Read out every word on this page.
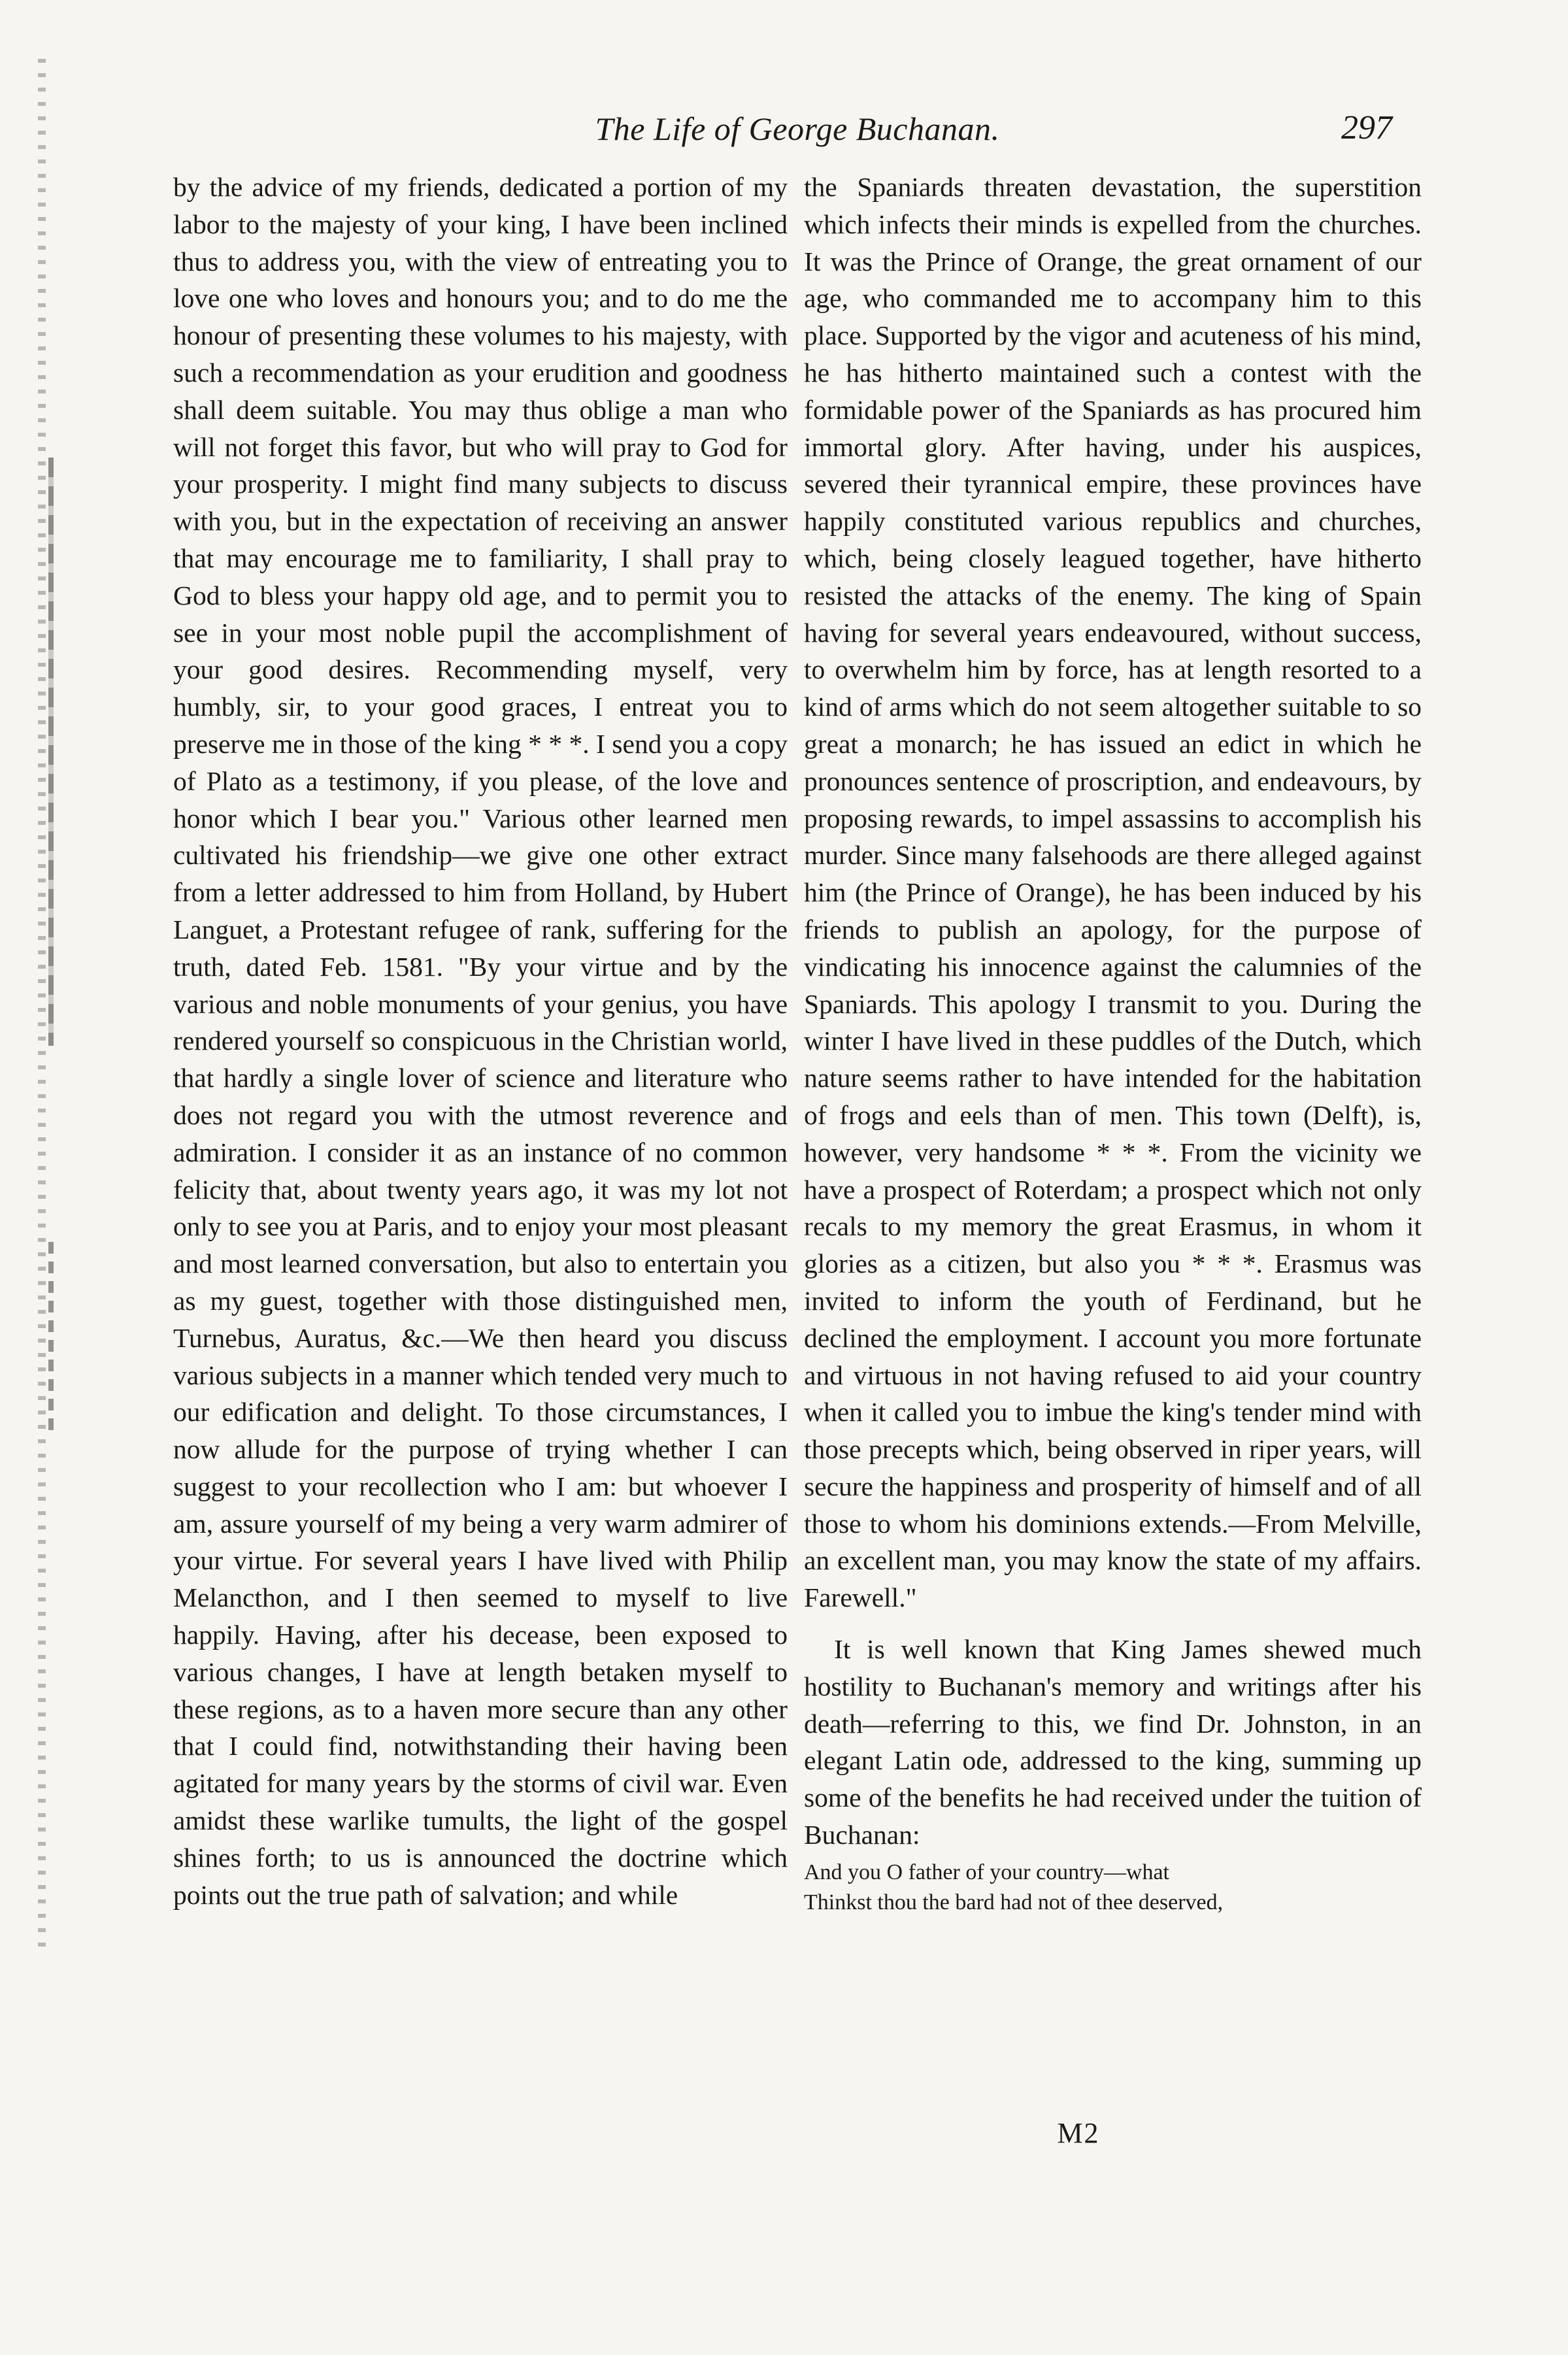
The Life of George Buchanan.	297

by the advice of my friends, dedicated a portion of my labor to the majesty of your king, I have been inclined thus to address you, with the view of entreating you to love one who loves and honours you; and to do me the honour of presenting these volumes to his majesty, with such a recommendation as your erudition and goodness shall deem suitable. You may thus oblige a man who will not forget this favor, but who will pray to God for your prosperity. I might find many subjects to discuss with you, but in the expectation of receiving an answer that may encourage me to familiarity, I shall pray to God to bless your happy old age, and to permit you to see in your most noble pupil the accomplishment of your good desires. Recommending myself, very humbly, sir, to your good graces, I entreat you to preserve me in those of the king * * *. I send you a copy of Plato as a testimony, if you please, of the love and honor which I bear you." Various other learned men cultivated his friendship—we give one other extract from a letter addressed to him from Holland, by Hubert Languet, a Protestant refugee of rank, suffering for the truth, dated Feb. 1581. "By your virtue and by the various and noble monuments of your genius, you have rendered yourself so conspicuous in the Christian world, that hardly a single lover of science and literature who does not regard you with the utmost reverence and admiration. I consider it as an instance of no common felicity that, about twenty years ago, it was my lot not only to see you at Paris, and to enjoy your most pleasant and most learned conversation, but also to entertain you as my guest, together with those distinguished men, Turnebus, Auratus, &c.—We then heard you discuss various subjects in a manner which tended very much to our edification and delight. To those circumstances, I now allude for the purpose of trying whether I can suggest to your recollection who I am: but whoever I am, assure yourself of my being a very warm admirer of your virtue. For several years I have lived with Philip Melancthon, and I then seemed to myself to live happily. Having, after his decease, been exposed to various changes, I have at length betaken myself to these regions, as to a haven more secure than any other that I could find, notwithstanding their having been agitated for many years by the storms of civil war. Even amidst these warlike tumults, the light of the gospel shines forth; to us is announced the doctrine which points out the true path of salvation; and while

the Spaniards threaten devastation, the superstition which infects their minds is expelled from the churches. It was the Prince of Orange, the great ornament of our age, who commanded me to accompany him to this place. Supported by the vigor and acuteness of his mind, he has hitherto maintained such a contest with the formidable power of the Spaniards as has procured him immortal glory. After having, under his auspices, severed their tyrannical empire, these provinces have happily constituted various republics and churches, which, being closely leagued together, have hitherto resisted the attacks of the enemy. The king of Spain having for several years endeavoured, without success, to overwhelm him by force, has at length resorted to a kind of arms which do not seem altogether suitable to so great a monarch; he has issued an edict in which he pronounces sentence of proscription, and endeavours, by proposing rewards, to impel assassins to accomplish his murder. Since many falsehoods are there alleged against him (the Prince of Orange), he has been induced by his friends to publish an apology, for the purpose of vindicating his innocence against the calumnies of the Spaniards. This apology I transmit to you. During the winter I have lived in these puddles of the Dutch, which nature seems rather to have intended for the habitation of frogs and eels than of men. This town (Delft), is, however, very handsome * * *. From the vicinity we have a prospect of Roterdam; a prospect which not only recals to my memory the great Erasmus, in whom it glories as a citizen, but also you * * *. Erasmus was invited to inform the youth of Ferdinand, but he declined the employment. I account you more fortunate and virtuous in not having refused to aid your country when it called you to imbue the king's tender mind with those precepts which, being observed in riper years, will secure the happiness and prosperity of himself and of all those to whom his dominions extends.—From Melville, an excellent man, you may know the state of my affairs. Farewell."

It is well known that King James shewed much hostility to Buchanan's memory and writings after his death—referring to this, we find Dr. Johnston, in an elegant Latin ode, addressed to the king, summing up some of the benefits he had received under the tuition of Buchanan:

And you O father of your country—what
Thinkst thou the bard had not of thee deserved,
M2
